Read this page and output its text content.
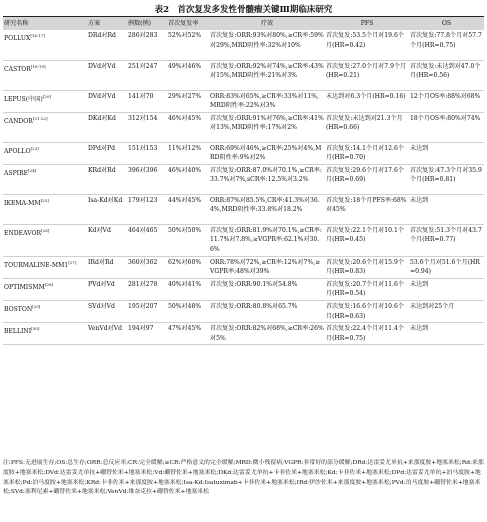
表2　首次复发多发性骨髓瘤关键Ⅲ期临床研究
研究名称	方案	例数(例)	首次复发率	疗效	PFS	OS
POLLUX[16-17]	DRd对Rd	286对283	52%对52%	首次复发:ORR:93%对80%,≥CR率:59%对29%,MRD阴性率:32%对10%	首次复发:53.5个月对19.6个月(HR=0.42)	首次复发:77.8个月对57.7个月(HR=0.75)
CASTOR[18-19]	DVd对Vd	251对247	49%对46%	首次复发:ORR:92%对74%,≥CR率:43%对15%,MRD阴性率:21%对3%	首次复发:27.0个月对7.9个月(HR=0.21)	首次复发:未达到对47.0个月(HR=0.56)
LEPUS(中国)[20]	DVd对Vd	141对70	29%对27%	ORR:83%对65%,≥CR率:33%对11%,MRD阴性率:22%对3%	未达到对6.3个月(HR=0.16)	12个月OS率:88%对68%
CANDOR[21-22]	DKd对Kd	312对154	46%对45%	首次复发:ORR:91%对76%,≥CR率:41%对13%,MRD阴性率:17%对2%	首次复发:未达到对21.3个月(HR=0.66)	18个月OS率:80%对74%
APOLLO[23]	DPd对Pd	151对153	11%对12%	ORR:69%对46%,≥CR率:25%对4%,MRD阴性率:9%对2%	首次复发:14.1个月对12.6个月(HR=0.70)	未达到
ASPIRE[24]	KRd对Rd	396对396	46%对40%	首次复发:ORR:87.0%对70.1%,≥CR率:33.7%对7%,sCR率:12.5%对3.2%	首次复发:29.6个月对17.6个月(HR=0.69)	首次复发:47.3个月对35.9个月(HR=0.81)
IKEMA-MM[25]	Isa-Kd对Kd	179对123	44%对45%	ORR:87%对85.5%,CR率:41.3%对36.4%,MRD阴性率:33.8%对18.2%	首次复发:18个月PFS率:68%对45%	未达到
ENDEAVOR[26]	Kd对Vd	464对465	50%对50%	首次复发:ORR:81.9%对70.1%,≥CR率:11.7%对7.8%,≥VGPR率:62.1%对30.6%	首次复发:22.1个月对10.1个月(HR=0.45)	首次复发:51.3个月对43.7个月(HR=0.77)
TOURMALINE-MM1[27]	IRd对Rd	360对362	62%对60%	ORR:78%对72%,≥CR率:12%对7%,≥VGPR率:48%对39%	首次复发:20.6个月对15.9个月(HR=0.83)	53.6个月对51.6个月(HR=0.94)
OPTIMISMM[28]	PVd对Vd	281对278	40%对41%	首次复发:ORR:90.1%对54.8%	首次复发:20.7个月对11.6个月(HR=0.54)	未达到
BOSTON[29]	SVd对Vd	195对207	50%对48%	首次复发:ORR:80.8%对65.7%	首次复发:16.6个月对10.6个月(HR=0.63)	未达到对25个月
BELLINI[30]	VenVd对Vd	194对97	47%对45%	首次复发:ORR:82%对68%,≥CR率:26%对5%	首次复发:22.4个月对11.4个月(HR=0.75)	未达到
注:PFS:无进展生存;OS:总生存;ORR:总反应率;CR:完全缓解;≥CR:严格意义的完全缓解;MRD:微小残留病;VGPR:非常好的部分缓解;DRd:达雷妥尤单抗+来那度胺+地塞米松;Rd:来那度胺+地塞米松;DVd:达雷妥尤单抗+硼替佐米+地塞米松;Vd:硼替佐米+地塞米松;DKd:达雷妥尤单抗+卡非佐米+地塞米松;Kd:卡非佐米+地塞米松;DPd:达雷妥尤单抗+泊马度胺+地塞米松;Pd:泊马度胺+地塞米松;KRd:卡非佐米+来那度胺+地塞米松;Isa-Kd:Isatuximab+卡非佐米+地塞米松;IRd:伊沙佐米+来那度胺+地塞米松;PVd:泊马度胺+硼替佐米+地塞米松;SVd:塞利尼索+硼替佐米+地塞米松;VenVd:维奈克拉+硼替佐米+地塞米松
